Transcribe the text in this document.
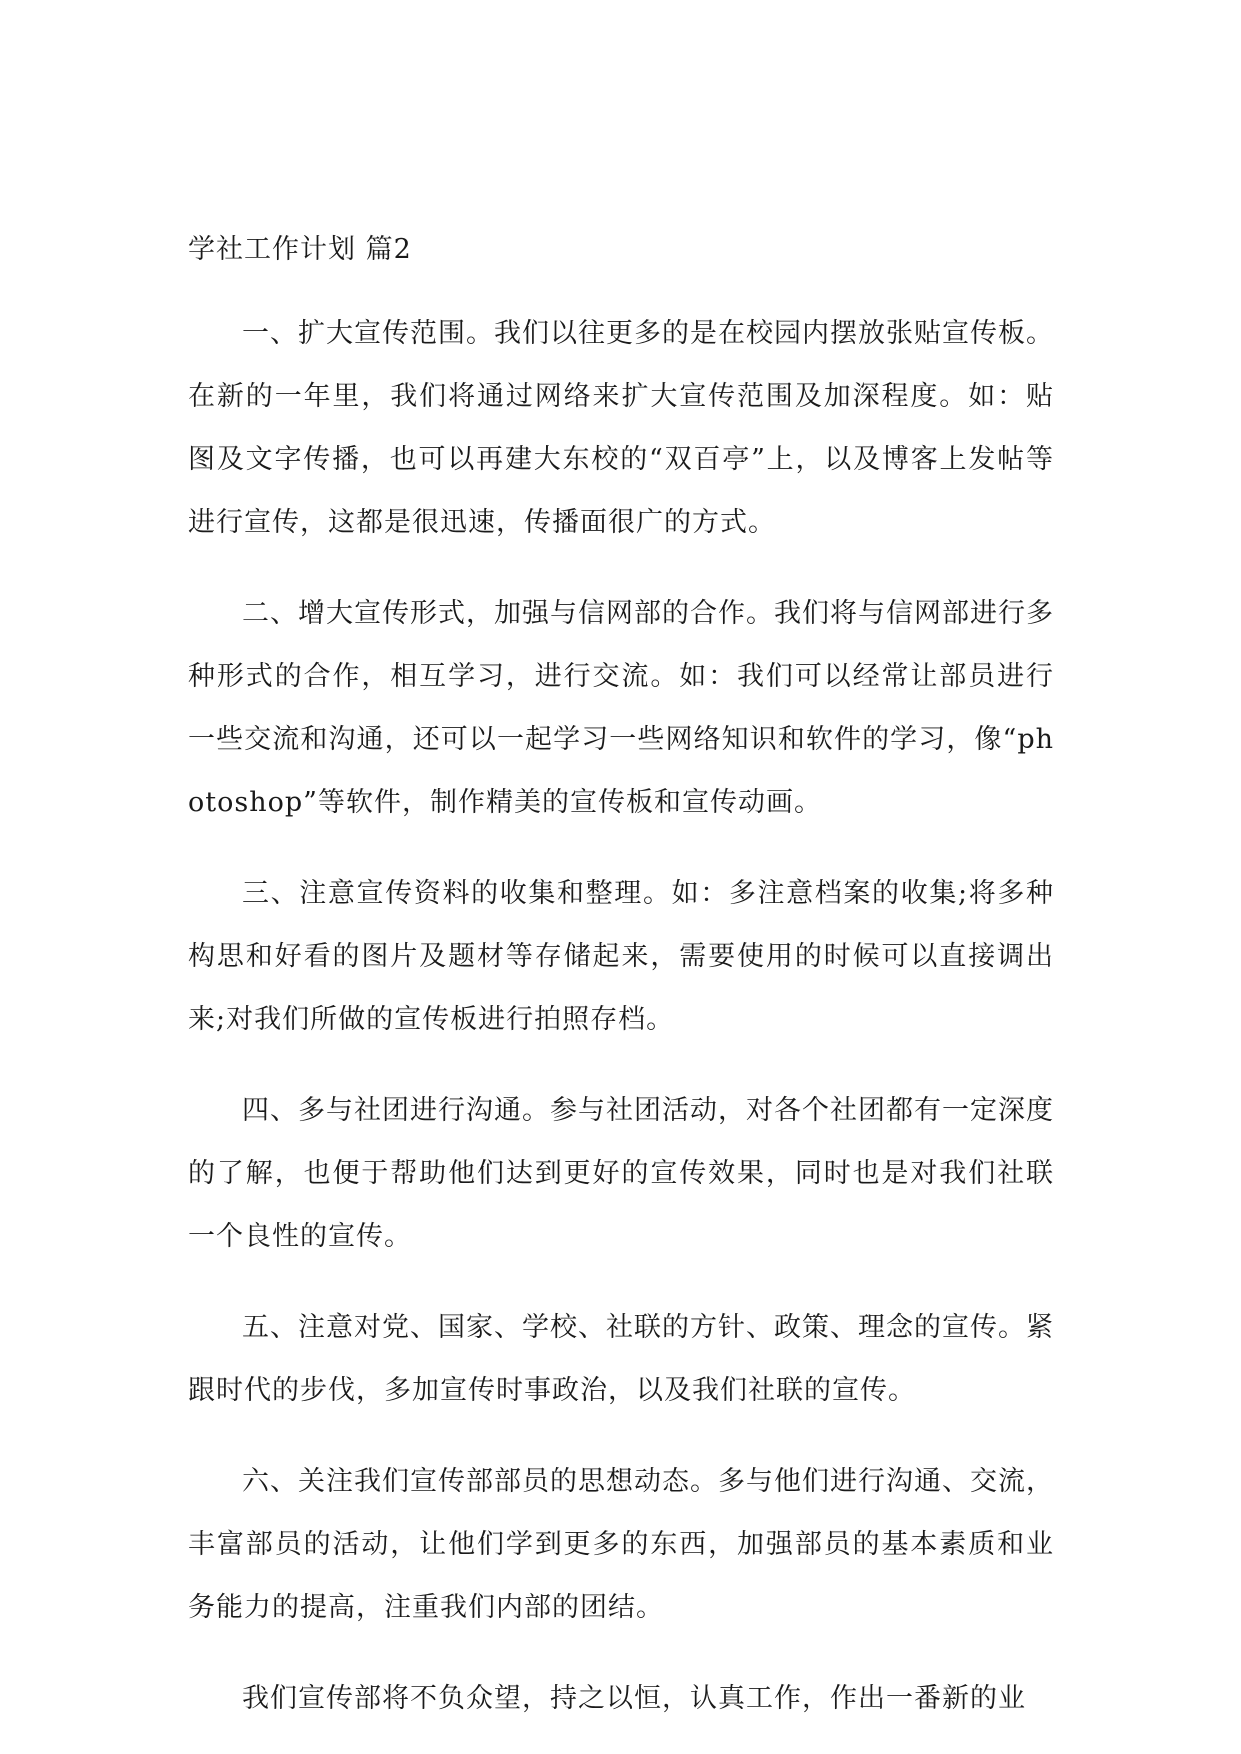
学社工作计划 篇2

一、扩大宣传范围。我们以往更多的是在校园内摆放张贴宣传板。在新的一年里，我们将通过网络来扩大宣传范围及加深程度。如：贴图及文字传播，也可以再建大东校的“双百亭”上，以及博客上发帖等进行宣传，这都是很迅速，传播面很广的方式。

二、增大宣传形式，加强与信网部的合作。我们将与信网部进行多种形式的合作，相互学习，进行交流。如：我们可以经常让部员进行一些交流和沟通，还可以一起学习一些网络知识和软件的学习，像“photoshop”等软件，制作精美的宣传板和宣传动画。

三、注意宣传资料的收集和整理。如：多注意档案的收集;将多种构思和好看的图片及题材等存储起来，需要使用的时候可以直接调出来;对我们所做的宣传板进行拍照存档。

四、多与社团进行沟通。参与社团活动，对各个社团都有一定深度的了解，也便于帮助他们达到更好的宣传效果，同时也是对我们社联一个良性的宣传。

五、注意对党、国家、学校、社联的方针、政策、理念的宣传。紧跟时代的步伐，多加宣传时事政治，以及我们社联的宣传。

六、关注我们宣传部部员的思想动态。多与他们进行沟通、交流，丰富部员的活动，让他们学到更多的东西，加强部员的基本素质和业务能力的提高，注重我们内部的团结。

我们宣传部将不负众望，持之以恒，认真工作，作出一番新的业
